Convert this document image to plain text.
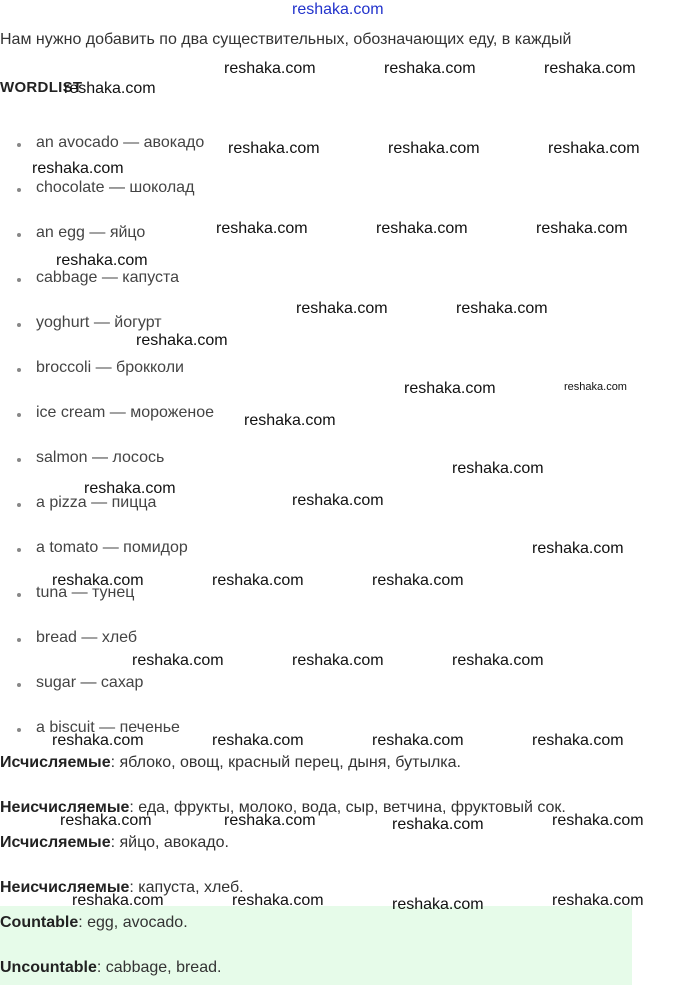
reshaka.com
Нам нужно добавить по два существительных, обозначающих еду, в каждый
WORDLIST
an avocado — авокадо
chocolate — шоколад
an egg — яйцо
cabbage — капуста
yoghurt — йогурт
broccoli — брокколи
ice cream — мороженое
salmon — лосось
a pizza — пицца
a tomato — помидор
tuna — тунец
bread — хлеб
sugar — сахар
a biscuit — печенье
Исчисляемые: яблоко, овощ, красный перец, дыня, бутылка.
Неисчисляемые: еда, фрукты, молоко, вода, сыр, ветчина, фруктовый сок.
Исчисляемые: яйцо, авокадо.
Неисчисляемые: капуста, хлеб.
Countable: egg, avocado.
Uncountable: cabbage, bread.
reshaka.com
reshaka.com	reshaka.com	reshaka.com
reshaka.com	reshaka.com	reshaka.com
reshaka.com
reshaka.com	reshaka.com	reshaka.com
reshaka.com
reshaka.com	reshaka.com
reshaka.com
reshaka.com	reshaka.com
reshaka.com
reshaka.com
reshaka.com
reshaka.com
reshaka.com
reshaka.com	reshaka.com	reshaka.com
reshaka.com	reshaka.com	reshaka.com
reshaka.com	reshaka.com	reshaka.com	reshaka.com
reshaka.com	reshaka.com	reshaka.com	reshaka.com
reshaka.com	reshaka.com	reshaka.com	reshaka.com
